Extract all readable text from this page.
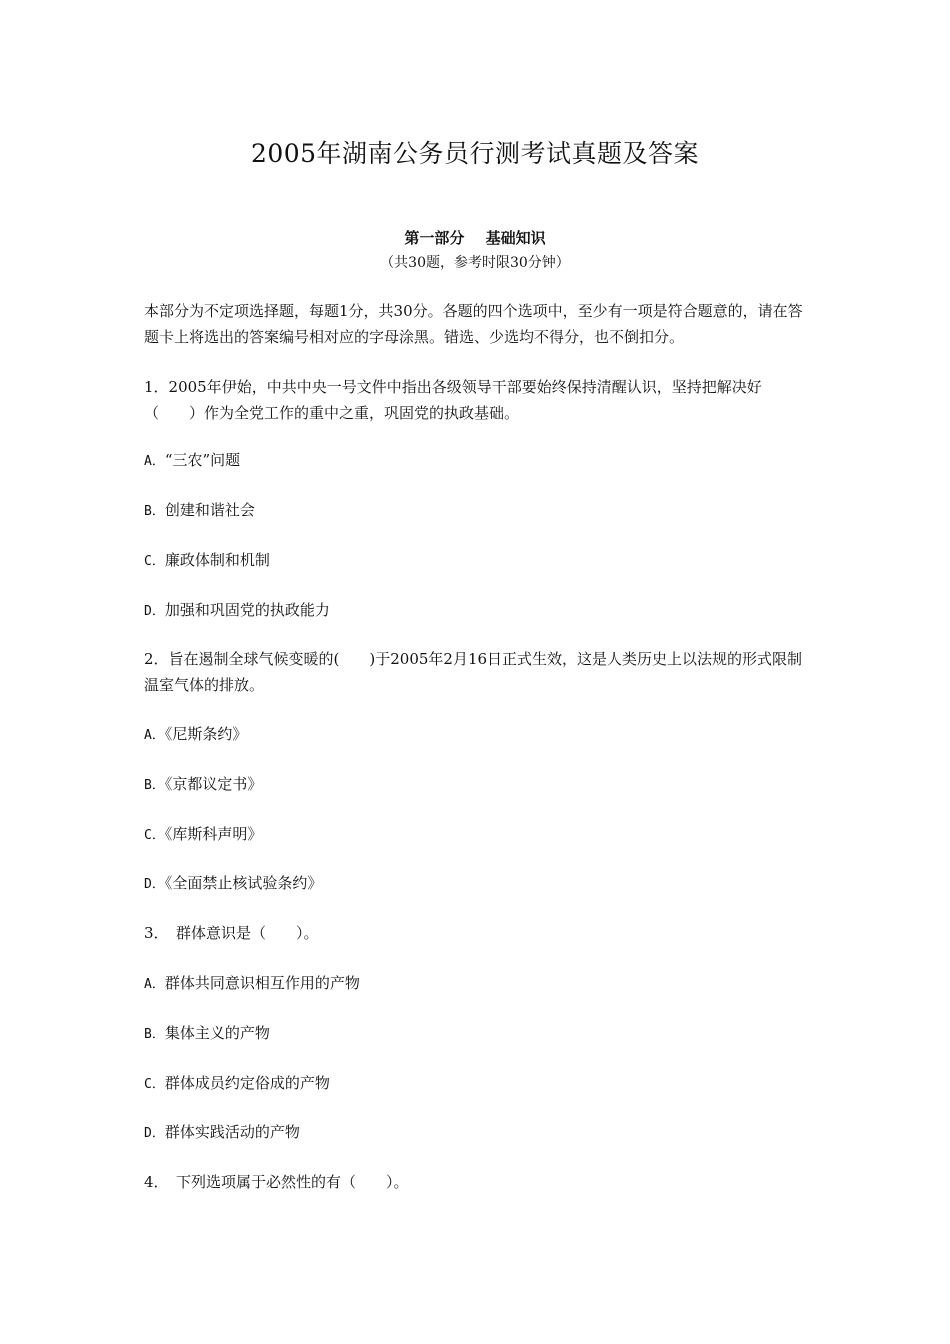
2005年湖南公务员行测考试真题及答案
第一部分 基础知识
（共30题，参考时限30分钟）
本部分为不定项选择题，每题1分，共30分。各题的四个选项中，至少有一项是符合题意的，请在答题卡上将选出的答案编号相对应的字母涂黑。错选、少选均不得分，也不倒扣分。
1．2005年伊始，中共中央一号文件中指出各级领导干部要始终保持清醒认识，坚持把解决好（　　）作为全党工作的重中之重，巩固党的执政基础。
A．“三农”问题
B．创建和谐社会
C．廉政体制和机制
D．加强和巩固党的执政能力
2．旨在遏制全球气候变暖的(　　)于2005年2月16日正式生效，这是人类历史上以法规的形式限制温室气体的排放。
A．《尼斯条约》
B．《京都议定书》
C．《库斯科声明》
D．《全面禁止核试验条约》
3．　群体意识是（　　）。
A．群体共同意识相互作用的产物
B．集体主义的产物
C．群体成员约定俗成的产物
D．群体实践活动的产物
4．　下列选项属于必然性的有（　　）。
